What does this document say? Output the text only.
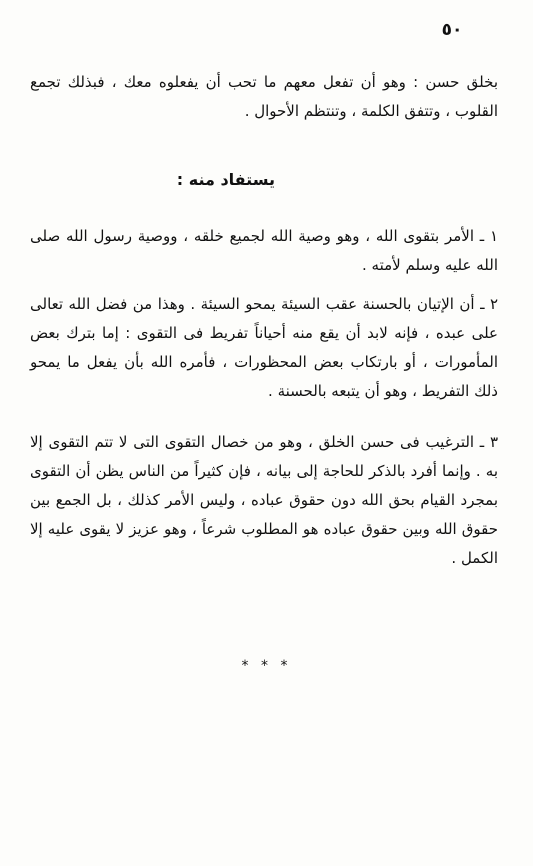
٥٠
بخلق حسن : وهو أن تفعل معهم ما تحب أن يفعلوه معك ، فبذلك تجمع القلوب ، وتتفق الكلمة ، وتنتظم الأحوال .
يستفاد منه :
١ ـ الأمر بتقوى الله ، وهو وصية الله لجميع خلقه ، ووصية رسول الله صلى الله عليه وسلم لأمته .
٢ ـ أن الإتيان بالحسنة عقب السيئة يمحو السيئة . وهذا من فضل الله تعالى على عبده ، فإنه لابد أن يقع منه أحياناً تفريط فى التقوى : إما بترك بعض المأمورات ، أو بارتكاب بعض المحظورات ، فأمره الله بأن يفعل ما يمحو ذلك التفريط ، وهو أن يتبعه بالحسنة .
٣ ـ الترغيب فى حسن الخلق ، وهو من خصال التقوى التى لا تتم التقوى إلا به . وإنما أفرد بالذكر للحاجة إلى بيانه ، فإن كثيراً من الناس يظن أن التقوى بمجرد القيام بحق الله دون حقوق عباده ، وليس الأمر كذلك ، بل الجمع بين حقوق الله وبين حقوق عباده هو المطلوب شرعاً ، وهو عزيز لا يقوى عليه إلا الكمل .
* * *
